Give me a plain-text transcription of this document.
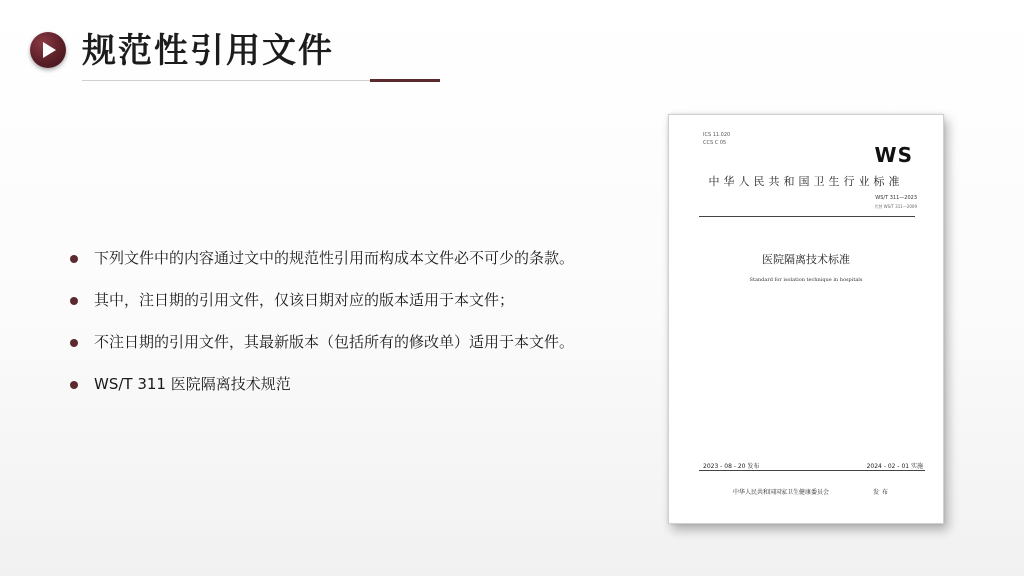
规范性引用文件
下列文件中的内容通过文中的规范性引用而构成本文件必不可少的条款。
其中，注日期的引用文件，仅该日期对应的版本适用于本文件；
不注日期的引用文件，其最新版本（包括所有的修改单）适用于本文件。
WS/T 311 医院隔离技术规范
ICS 11.020
CCS C 05	WS
中华人民共和国卫生行业标准
WS/T 311—2023
代替 WS/T 311—2009
医院隔离技术标准
Standard for isolation technique in hospitals
2023 - 08 - 20 发布	2024 - 02 - 01 实施
中华人民共和国国家卫生健康委员会	发布
